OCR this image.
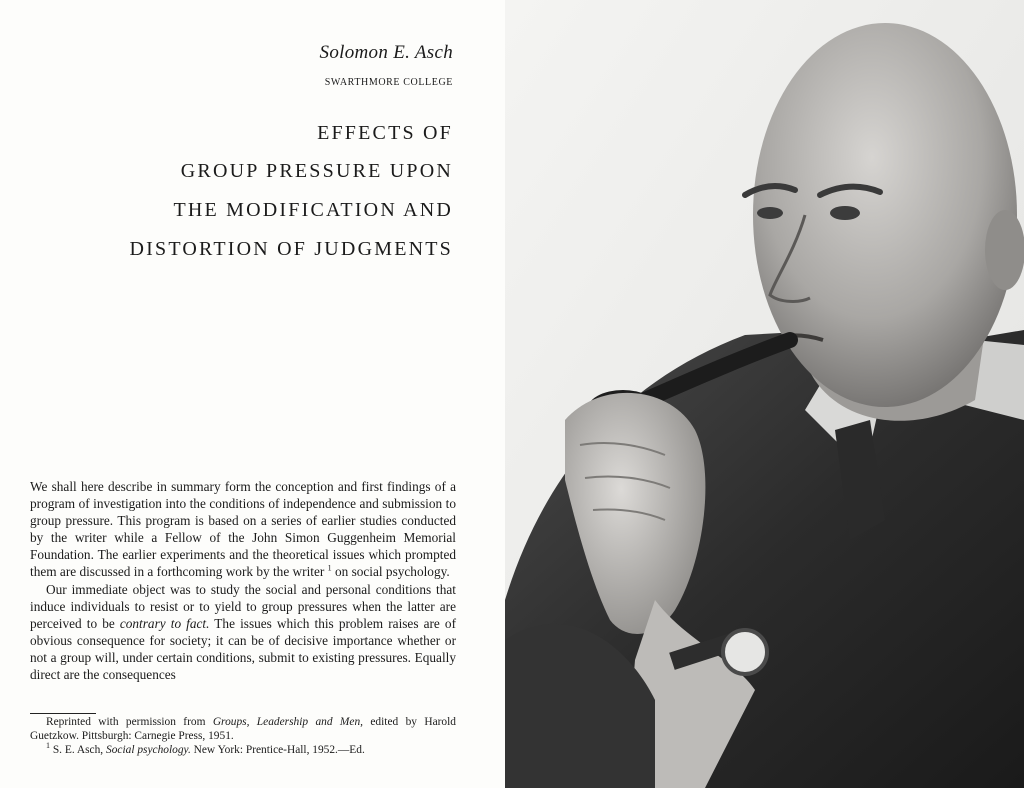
Solomon E. Asch
SWARTHMORE COLLEGE
EFFECTS OF
GROUP PRESSURE UPON
THE MODIFICATION AND
DISTORTION OF JUDGMENTS

We shall here describe in summary form the conception and first findings of a program of investigation into the conditions of independence and submission to group pressure. This program is based on a series of earlier studies conducted by the writer while a Fellow of the John Simon Guggenheim Memorial Foundation. The earlier experiments and the theoretical issues which prompted them are discussed in a forthcoming work by the writer $^1$ on social psychology.

Our immediate object was to study the social and personal conditions that induce individuals to resist or to yield to group pressures when the latter are perceived to be contrary to fact. The issues which this problem raises are of obvious consequence for society; it can be of decisive importance whether or not a group will, under certain conditions, submit to existing pressures. Equally direct are the consequences

Reprinted with permission from Groups, Leadership and Men, edited by Harold Guetzkow. Pittsburgh: Carnegie Press, 1951.

$^1$ S. E. Asch, Social psychology. New York: Prentice-Hall, 1952.—Ed.
